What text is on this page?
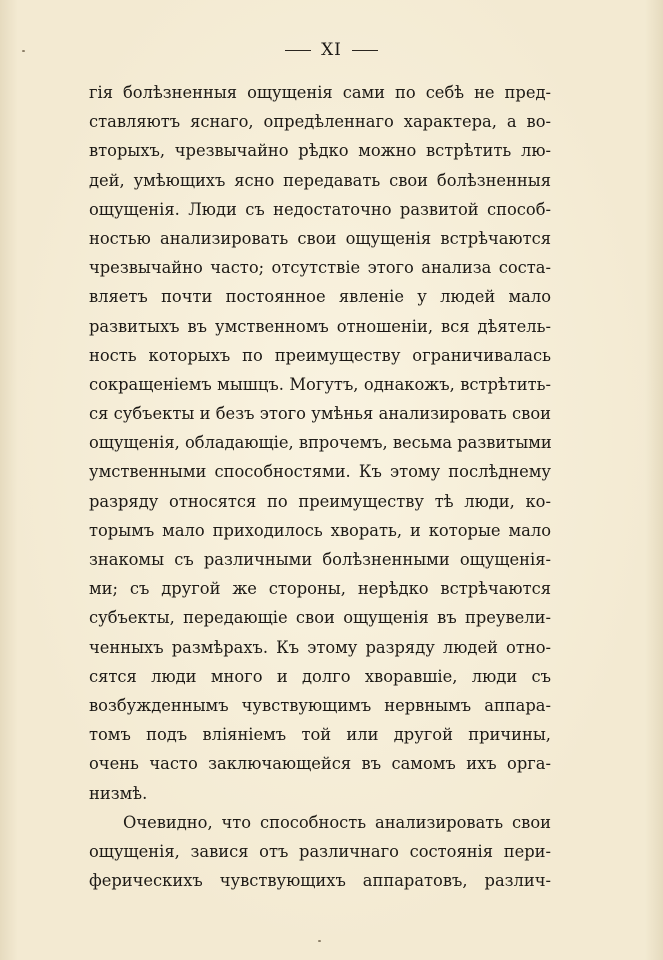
XI
гія болѣзненныя ощущенія сами по себѣ не пред-
ставляютъ яснаго, опредѣленнаго характера, а во-
вторыхъ, чрезвычайно рѣдко можно встрѣтить лю-
дей, умѣющихъ ясно передавать свои болѣзненныя
ощущенія. Люди съ недостаточно развитой способ-
ностью анализировать свои ощущенія встрѣчаются
чрезвычайно часто; отсутствіе этого анализа соста-
вляетъ почти постоянное явленіе у людей мало
развитыхъ въ умственномъ отношеніи, вся дѣятель-
ность которыхъ по преимуществу ограничивалась
сокращеніемъ мышцъ. Могутъ, однакожъ, встрѣтить-
ся субъекты и безъ этого умѣнья анализировать свои
ощущенія, обладающіе, впрочемъ, весьма развитыми
умственными способностями. Къ этому послѣднему
разряду относятся по преимуществу тѣ люди, ко-
торымъ мало приходилось хворать, и которые мало
знакомы съ различными болѣзненными ощущенія-
ми; съ другой же стороны, нерѣдко встрѣчаются
субъекты, передающіе свои ощущенія въ преувели-
ченныхъ размѣрахъ. Къ этому разряду людей отно-
сятся люди много и долго хворавшіе, люди съ
возбужденнымъ чувствующимъ нервнымъ аппара-
томъ подъ вліяніемъ той или другой причины,
очень часто заключающейся въ самомъ ихъ орга-
низмѣ.
Очевидно, что способность анализировать свои
ощущенія, завися отъ различнаго состоянія пери-
ферическихъ чувствующихъ аппаратовъ, различ-
